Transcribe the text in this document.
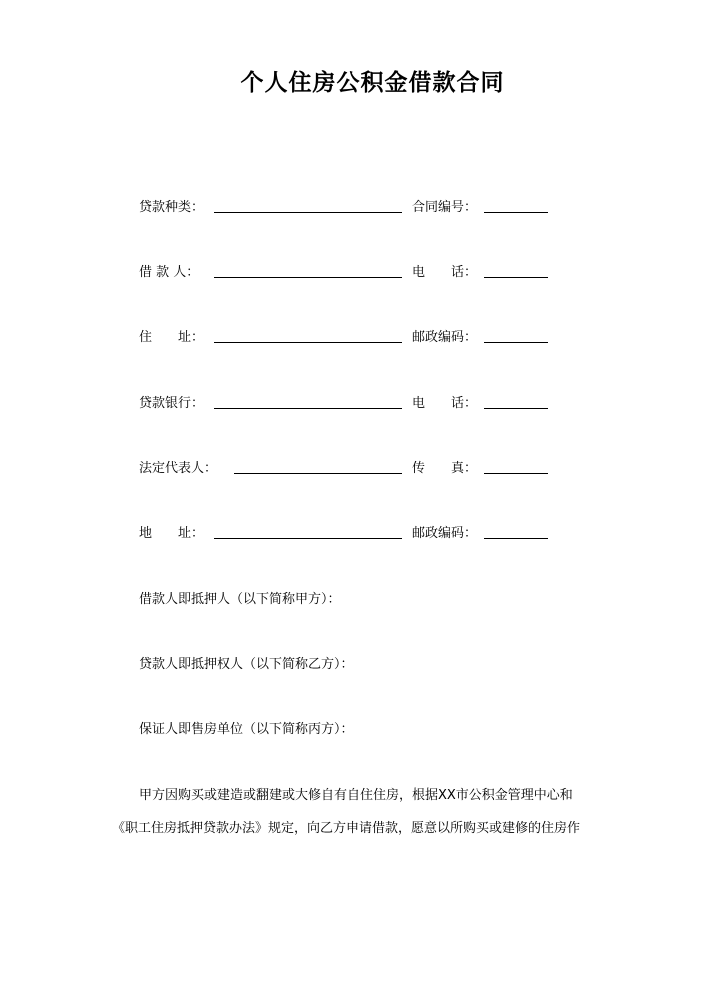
个人住房公积金借款合同
贷款种类：	合同编号：
借 款 人：	电　　话：
住　　址：	邮政编码：
贷款银行：	电　　话：
法定代表人：	传　　真：
地　　址：	邮政编码：
借款人即抵押人（以下简称甲方）：
贷款人即抵押权人（以下简称乙方）：
保证人即售房单位（以下简称丙方）：
甲方因购买或建造或翻建或大修自有自住住房，根据XX市公积金管理中心和
《职工住房抵押贷款办法》规定，向乙方申请借款，愿意以所购买或建修的住房作
